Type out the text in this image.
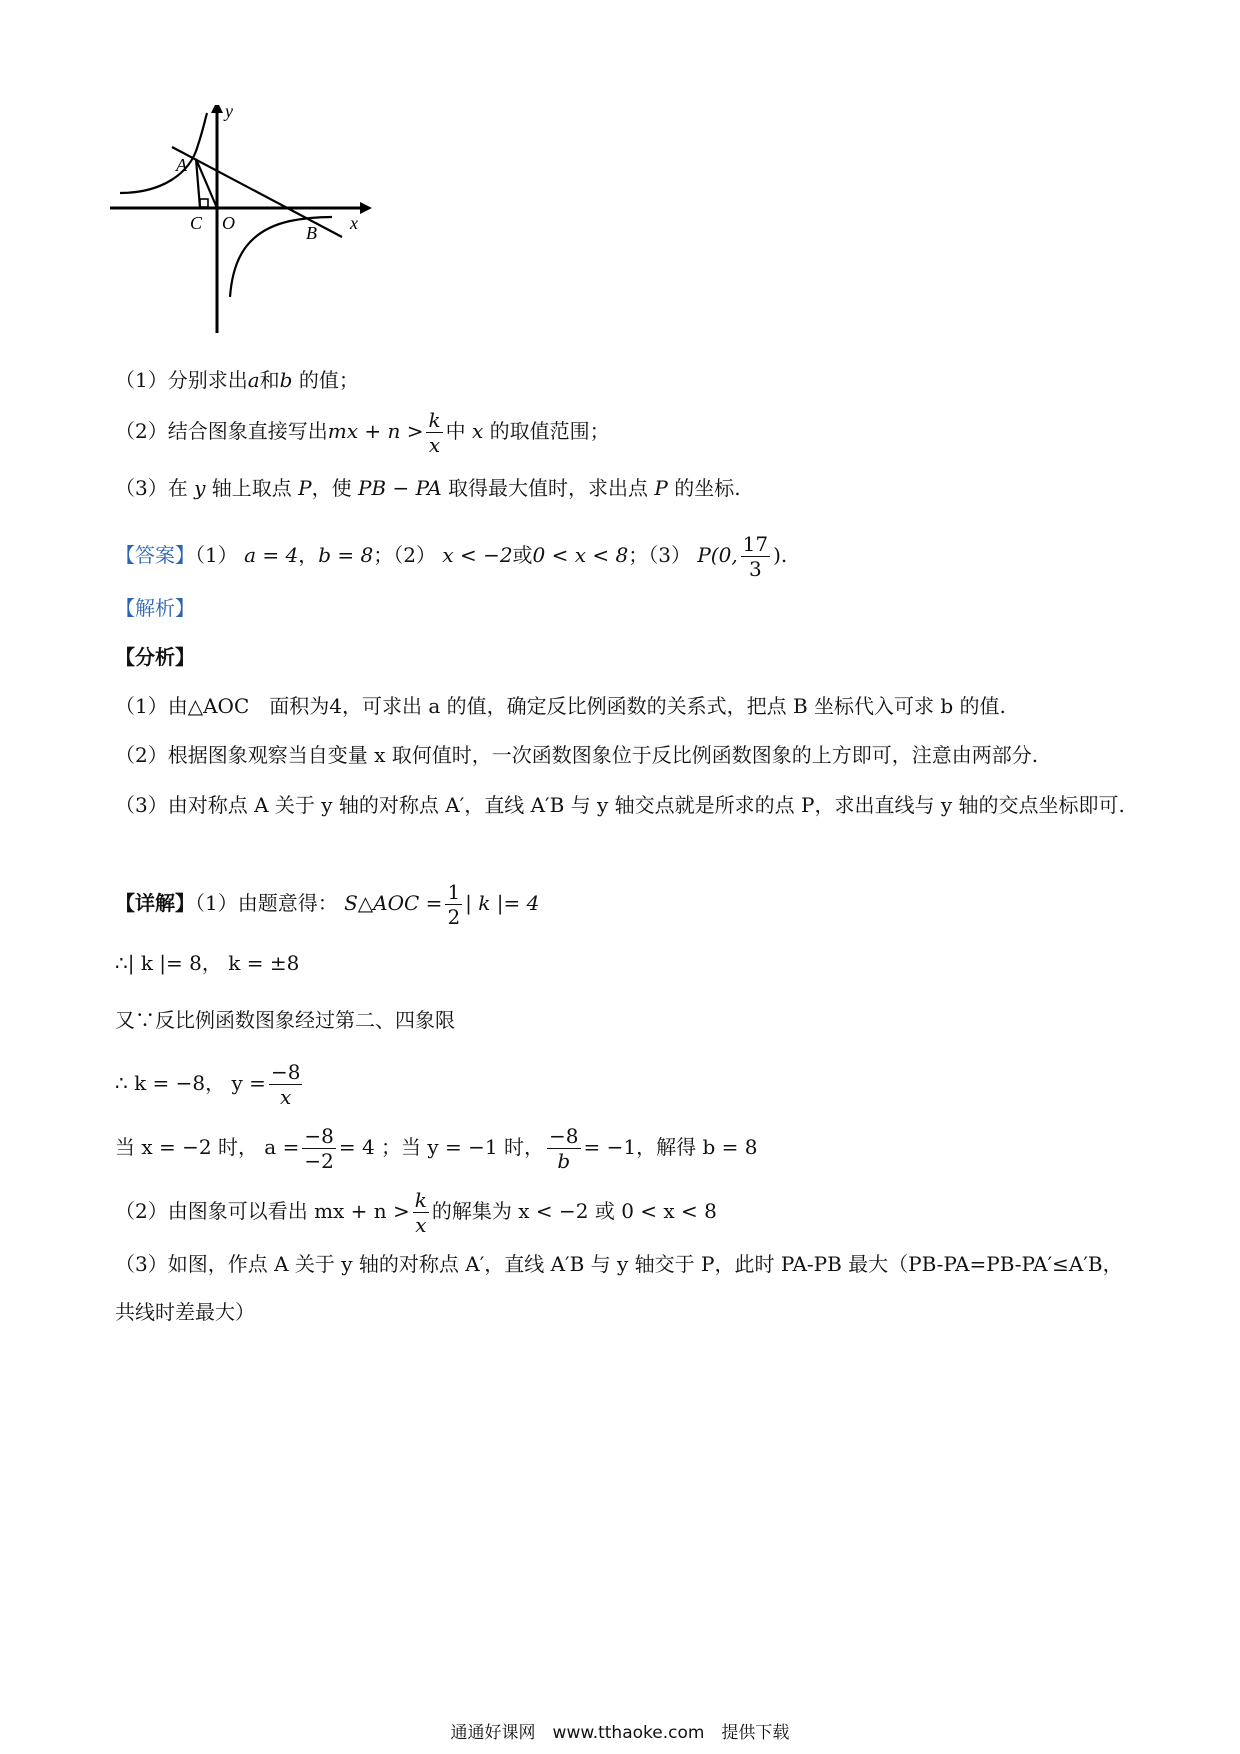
y
x
A
C O	B
（1）分别求出a和b 的值；
（2）结合图象直接写出mx + $n > \frac{k}{x}$ 中 x 的取值范围；
（3）在 y 轴上取点 P，使 PB − PA 取得最大值时，求出点 P 的坐标.
【答案】（1） a = 4，b = 8；（2） x < −2或0 < x < 8；（3） P(0, $\frac{17}{3}$ ).
【解析】
【分析】
（1）由△AOC　面积为4，可求出 a 的值，确定反比例函数的关系式，把点 B 坐标代入可求 b 的值.
（2）根据图象观察当自变量 x 取何值时，一次函数图象位于反比例函数图象的上方即可，注意由两部分.
（3）由对称点 A 关于 y 轴的对称点 A′，直线 A′B 与 y 轴交点就是所求的点 P，求出直线与 y 轴的交点坐标即可.
【详解】（1）由题意得： S△AOC = $\frac{1}{2}$ | k |= 4
∴| k |= 8， k = ±8
又∵反比例函数图象经过第二、四象限
∴ k = −8， $y = \frac{-8}{x}$
当 x = −2 时， $a = \frac{-8}{-2} = 4$ ；当 y = −1 时， $\frac{-8}{b} = -1$，解得 b = 8
（2）由图象可以看出 mx + $n > \frac{k}{x}$ 的解集为 x < −2 或 0 < x < 8
（3）如图，作点 A 关于 y 轴的对称点 A′，直线 A′B 与 y 轴交于 P，此时 PA-PB 最大（PB-PA=PB-PA′≤A′B，共线时差最大）
通通好课网　www.tthaoke.com　提供下载
